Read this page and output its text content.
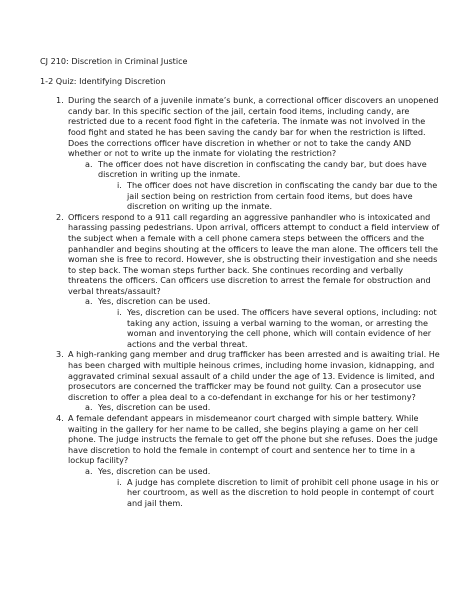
CJ 210: Discretion in Criminal Justice
1-2 Quiz: Identifying Discretion
1. During the search of a juvenile inmate’s bunk, a correctional officer discovers an unopened candy bar. In this specific section of the jail, certain food items, including candy, are restricted due to a recent food fight in the cafeteria. The inmate was not involved in the food fight and stated he has been saving the candy bar for when the restriction is lifted. Does the corrections officer have discretion in whether or not to take the candy AND whether or not to write up the inmate for violating the restriction?
a. The officer does not have discretion in confiscating the candy bar, but does have discretion in writing up the inmate.
i. The officer does not have discretion in confiscating the candy bar due to the jail section being on restriction from certain food items, but does have discretion on writing up the inmate.
2. Officers respond to a 911 call regarding an aggressive panhandler who is intoxicated and harassing passing pedestrians. Upon arrival, officers attempt to conduct a field interview of the subject when a female with a cell phone camera steps between the officers and the panhandler and begins shouting at the officers to leave the man alone. The officers tell the woman she is free to record. However, she is obstructing their investigation and she needs to step back. The woman steps further back. She continues recording and verbally threatens the officers. Can officers use discretion to arrest the female for obstruction and verbal threats/assault?
a. Yes, discretion can be used.
i. Yes, discretion can be used. The officers have several options, including: not taking any action, issuing a verbal warning to the woman, or arresting the woman and inventorying the cell phone, which will contain evidence of her actions and the verbal threat.
3. A high-ranking gang member and drug trafficker has been arrested and is awaiting trial. He has been charged with multiple heinous crimes, including home invasion, kidnapping, and aggravated criminal sexual assault of a child under the age of 13. Evidence is limited, and prosecutors are concerned the trafficker may be found not guilty. Can a prosecutor use discretion to offer a plea deal to a co-defendant in exchange for his or her testimony?
a. Yes, discretion can be used.
4. A female defendant appears in misdemeanor court charged with simple battery. While waiting in the gallery for her name to be called, she begins playing a game on her cell phone. The judge instructs the female to get off the phone but she refuses. Does the judge have discretion to hold the female in contempt of court and sentence her to time in a lockup facility?
a. Yes, discretion can be used.
i. A judge has complete discretion to limit of prohibit cell phone usage in his or her courtroom, as well as the discretion to hold people in contempt of court and jail them.
